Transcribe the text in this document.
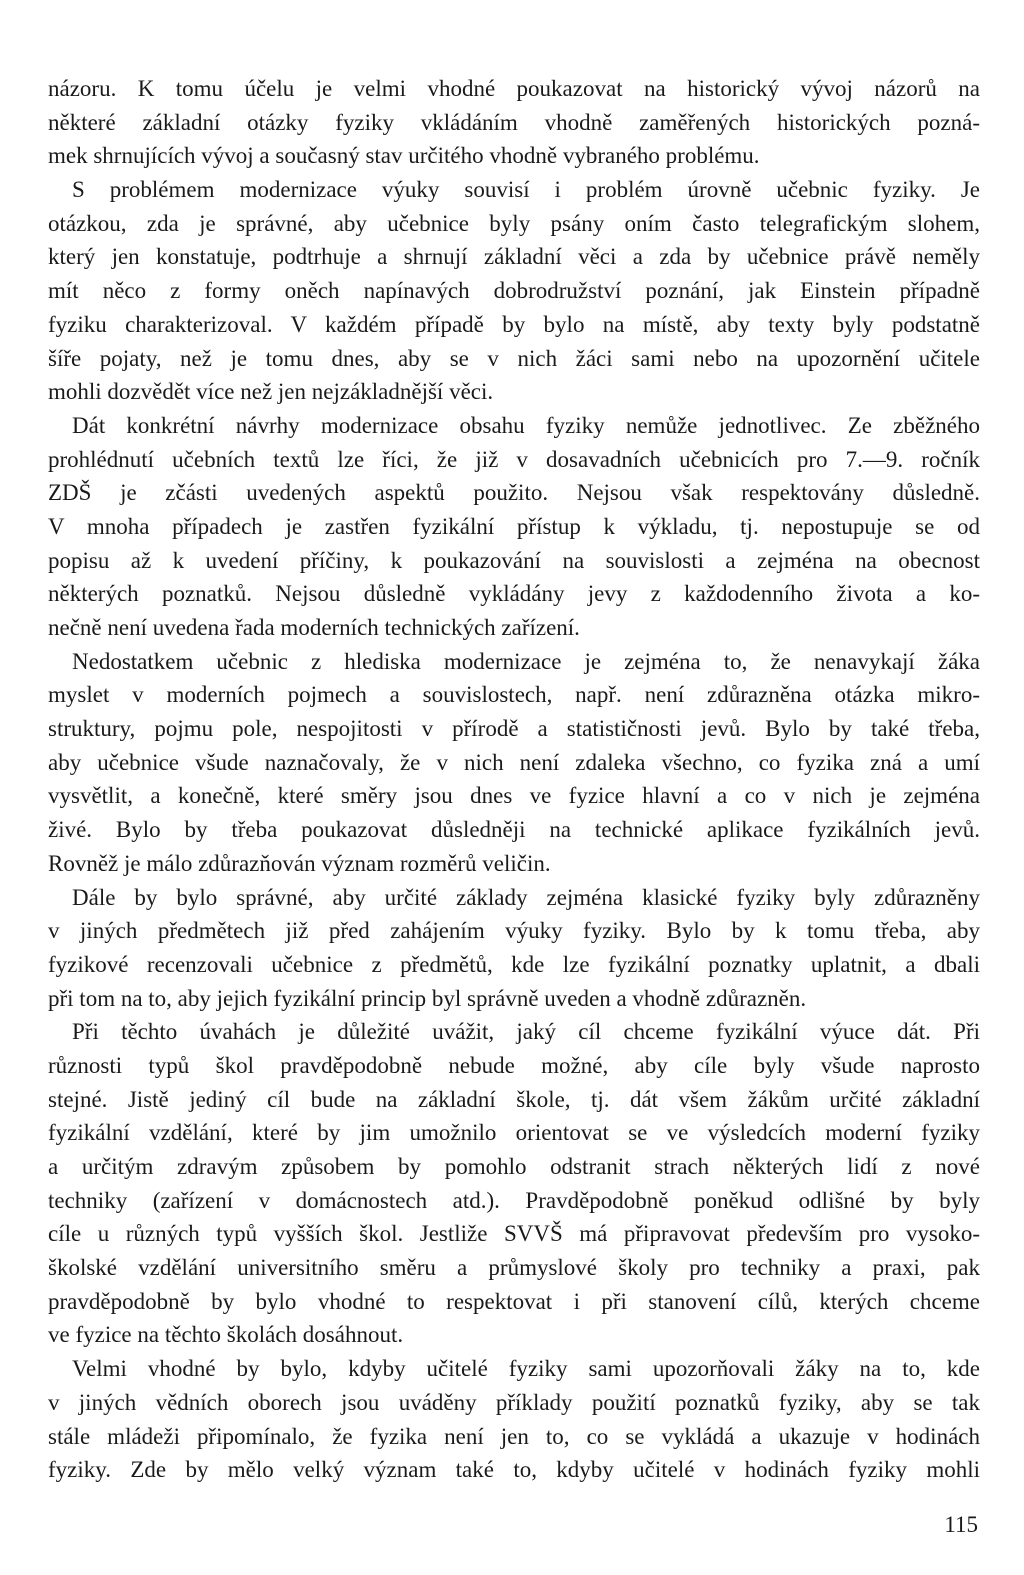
názoru. K tomu účelu je velmi vhodné poukazovat na historický vývoj názorů na
některé základní otázky fyziky vkládáním vhodně zaměřených historických pozná-
mek shrnujících vývoj a současný stav určitého vhodně vybraného problému.
S problémem modernizace výuky souvisí i problém úrovně učebnic fyziky. Je
otázkou, zda je správné, aby učebnice byly psány oním často telegrafickým slohem,
který jen konstatuje, podtrhuje a shrnují základní věci a zda by učebnice právě neměly
mít něco z formy oněch napínavých dobrodružství poznání, jak Einstein případně
fyziku charakterizoval. V každém případě by bylo na místě, aby texty byly podstatně
šíře pojaty, než je tomu dnes, aby se v nich žáci sami nebo na upozornění učitele
mohli dozvědět více než jen nejzákladnější věci.
Dát konkrétní návrhy modernizace obsahu fyziky nemůže jednotlivec. Ze zběžného
prohlédnutí učebních textů lze říci, že již v dosavadních učebnicích pro 7.—9. ročník
ZDŠ je zčásti uvedených aspektů použito. Nejsou však respektovány důsledně.
V mnoha případech je zastřen fyzikální přístup k výkladu, tj. nepostupuje se od
popisu až k uvedení příčiny, k poukazování na souvislosti a zejména na obecnost
některých poznatků. Nejsou důsledně vykládány jevy z každodenního života a ko-
nečně není uvedena řada moderních technických zařízení.
Nedostatkem učebnic z hlediska modernizace je zejména to, že nenavykají žáka
myslet v moderních pojmech a souvislostech, např. není zdůrazněna otázka mikro-
struktury, pojmu pole, nespojitosti v přírodě a statističnosti jevů. Bylo by také třeba,
aby učebnice všude naznačovaly, že v nich není zdaleka všechno, co fyzika zná a umí
vysvětlit, a konečně, které směry jsou dnes ve fyzice hlavní a co v nich je zejména
živé. Bylo by třeba poukazovat důsledněji na technické aplikace fyzikálních jevů.
Rovněž je málo zdůrazňován význam rozměrů veličin.
Dále by bylo správné, aby určité základy zejména klasické fyziky byly zdůrazněny
v jiných předmětech již před zahájením výuky fyziky. Bylo by k tomu třeba, aby
fyzikové recenzovali učebnice z předmětů, kde lze fyzikální poznatky uplatnit, a dbali
při tom na to, aby jejich fyzikální princip byl správně uveden a vhodně zdůrazněn.
Při těchto úvahách je důležité uvážit, jaký cíl chceme fyzikální výuce dát. Při
různosti typů škol pravděpodobně nebude možné, aby cíle byly všude naprosto
stejné. Jistě jediný cíl bude na základní škole, tj. dát všem žákům určité základní
fyzikální vzdělání, které by jim umožnilo orientovat se ve výsledcích moderní fyziky
a určitým zdravým způsobem by pomohlo odstranit strach některých lidí z nové
techniky (zařízení v domácnostech atd.). Pravděpodobně poněkud odlišné by byly
cíle u různých typů vyšších škol. Jestliže SVVŠ má připravovat především pro vysoko-
školské vzdělání universitního směru a průmyslové školy pro techniky a praxi, pak
pravděpodobně by bylo vhodné to respektovat i při stanovení cílů, kterých chceme
ve fyzice na těchto školách dosáhnout.
Velmi vhodné by bylo, kdyby učitelé fyziky sami upozorňovali žáky na to, kde
v jiných vědních oborech jsou uváděny příklady použití poznatků fyziky, aby se tak
stále mládeži připomínalo, že fyzika není jen to, co se vykládá a ukazuje v hodinách
fyziky. Zde by mělo velký význam také to, kdyby učitelé v hodinách fyziky mohli
115
